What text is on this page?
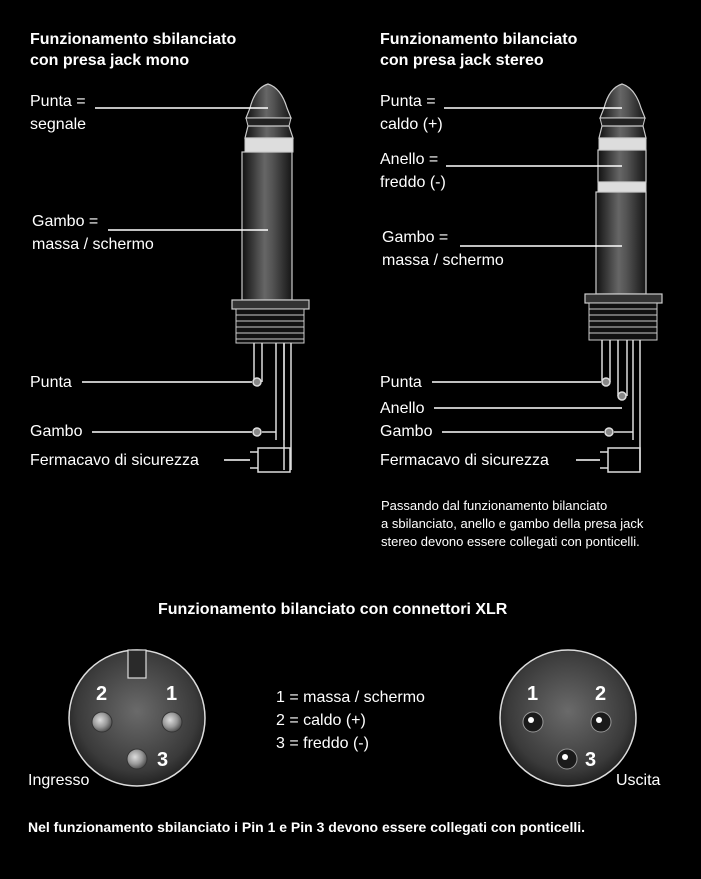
Funzionamento sbilanciato
con presa jack mono
Punta =
segnale
Gambo =
massa / schermo
Punta
Gambo
Fermacavo di sicurezza
Funzionamento bilanciato
con presa jack stereo
Punta =
caldo (+)
Anello =
freddo (-)
Gambo =
massa / schermo
Punta
Anello
Gambo
Fermacavo di sicurezza
Passando dal funzionamento bilanciato
a sbilanciato, anello e gambo della presa jack
stereo devono essere collegati con ponticelli.
Funzionamento bilanciato con connettori XLR
2	1
3
1	2
3
1 = massa / schermo
2 = caldo (+)
3 = freddo (-)
Ingresso	Uscita
Nel funzionamento sbilanciato i Pin 1 e Pin 3 devono essere collegati con ponticelli.
